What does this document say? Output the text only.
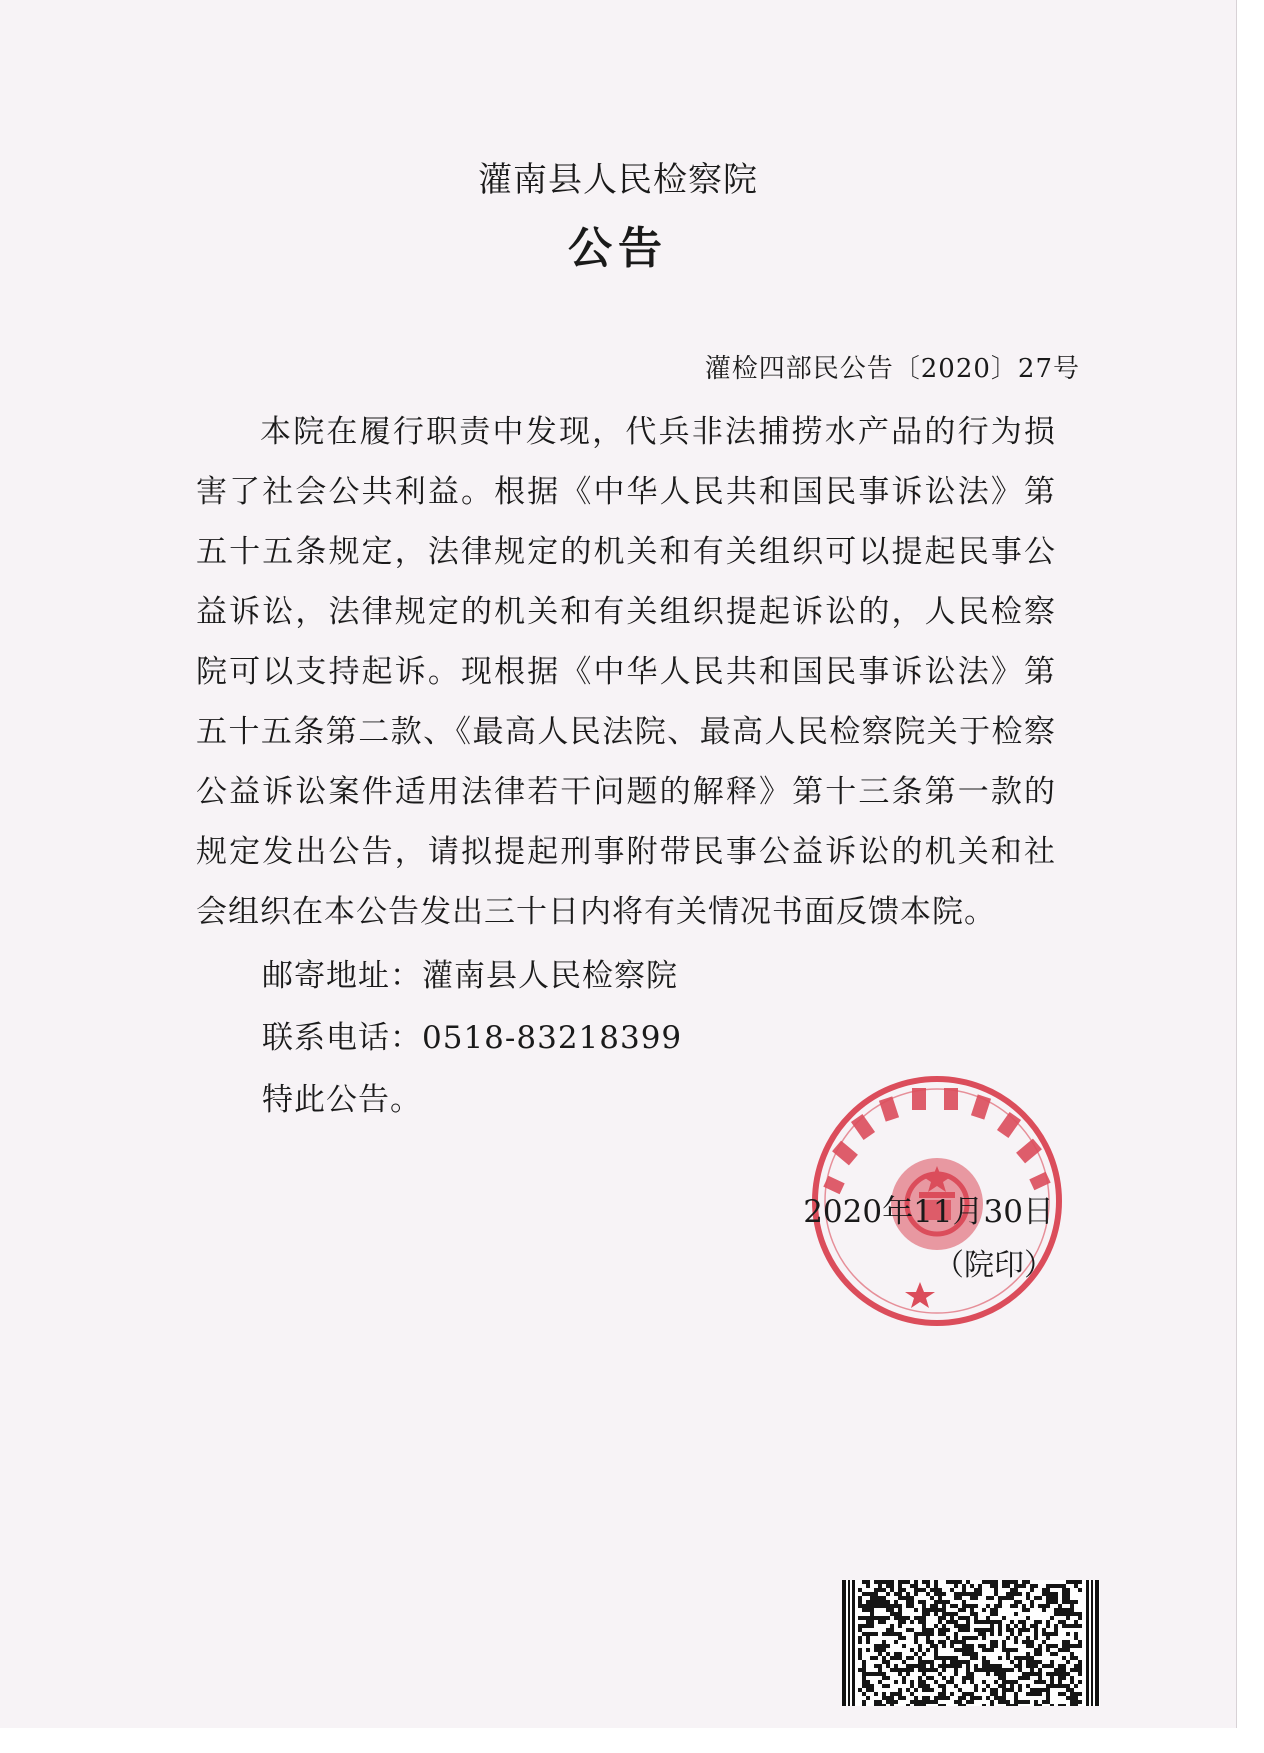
灌南县人民检察院
公告
灌检四部民公告〔2020〕27号

本院在履行职责中发现，代兵非法捕捞水产品的行为损害了社会公共利益。根据《中华人民共和国民事诉讼法》第五十五条规定，法律规定的机关和有关组织可以提起民事公益诉讼，法律规定的机关和有关组织提起诉讼的，人民检察院可以支持起诉。现根据《中华人民共和国民事诉讼法》第五十五条第二款、《最高人民法院、最高人民检察院关于检察公益诉讼案件适用法律若干问题的解释》第十三条第一款的规定发出公告，请拟提起刑事附带民事公益诉讼的机关和社会组织在本公告发出三十日内将有关情况书面反馈本院。

邮寄地址：灌南县人民检察院
联系电话：0518-83218399
特此公告。
2020年11月30日
（院印）
